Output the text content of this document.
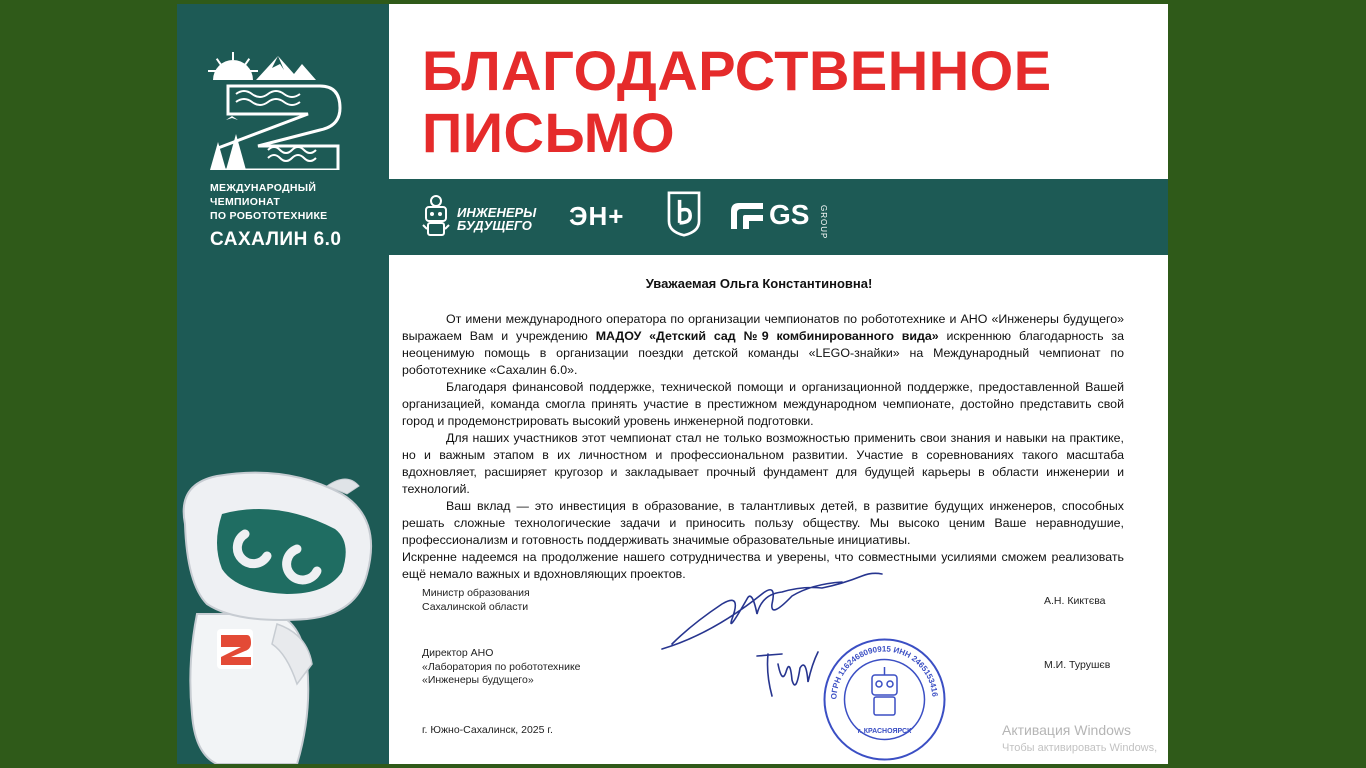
МЕЖДУНАРОДНЫЙ
ЧЕМПИОНАТ
ПО РОБОТОТЕХНИКЕ
САХАЛИН 6.0
БЛАГОДАРСТВЕННОЕ
ПИСЬМО
ИНЖЕНЕРЫ
БУДУЩЕГО ЭН+	GS GROUP
Уважаемая Ольга Константиновна!

От имени международного оператора по организации чемпионатов по робототехнике и АНО «Инженеры будущего» выражаем Вам и учреждению МАДОУ «Детский сад №9 комбинированного вида» искреннюю благодарность за неоценимую помощь в организации поездки детской команды «LEGO-знайки» на Международный чемпионат по робототехнике «Сахалин 6.0».

Благодаря финансовой поддержке, технической помощи и организационной поддержке, предоставленной Вашей организацией, команда смогла принять участие в престижном международном чемпионате, достойно представить свой город и продемонстрировать высокий уровень инженерной подготовки.

Для наших участников этот чемпионат стал не только возможностью применить свои знания и навыки на практике, но и важным этапом в их личностном и профессиональном развитии. Участие в соревнованиях такого масштаба вдохновляет, расширяет кругозор и закладывает прочный фундамент для будущей карьеры в области инженерии и технологий.

Ваш вклад — это инвестиция в образование, в талантливых детей, в развитие будущих инженеров, способных решать сложные технологические задачи и приносить пользу обществу. Мы высоко ценим Ваше неравнодушие, профессионализм и готовность поддерживать значимые образовательные инициативы.

Искренне надеемся на продолжение нашего сотрудничества и уверены, что совместными усилиями сможем реализовать ещё немало важных и вдохновляющих проектов.

Министр образования
Сахалинской области	А.Н. Киктєва
Директор АНО
«Лаборатория по робототехнике
«Инженеры будущего»
М.И. Турушєв
г. Южно-Сахалинск, 2025 г.
ОГРН 1162468090915 ИНН 2465153416
г. КРАСНОЯРСК	Активация Windows
Чтобы активировать Windows,
